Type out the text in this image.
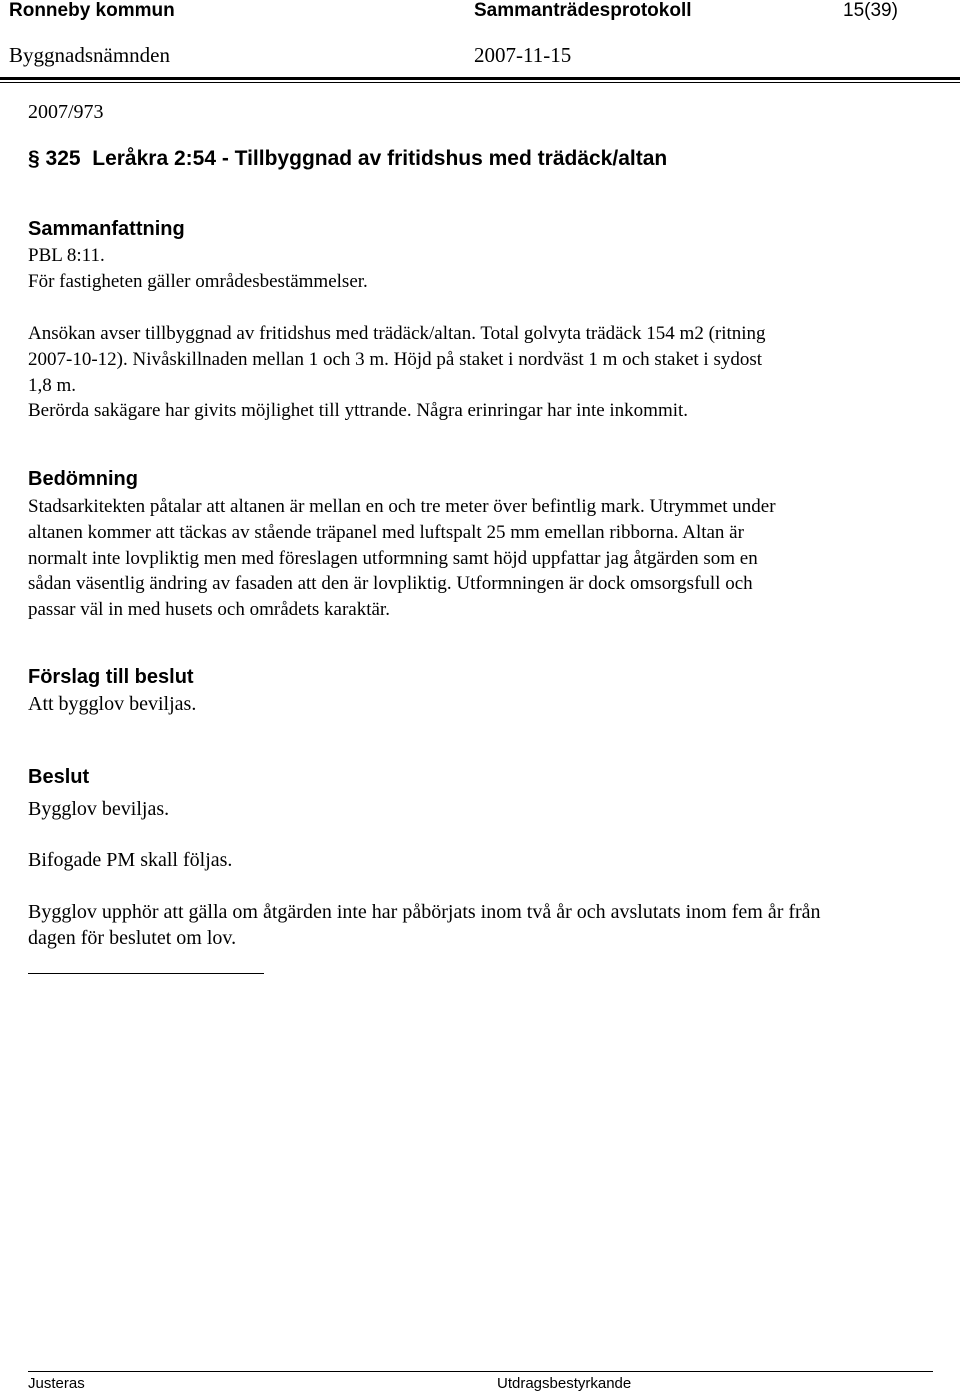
Ronneby kommun	Sammanträdesprotokoll	15(39)
Byggnadsnämnden	2007-11-15
2007/973
§ 325  Leråkra 2:54 - Tillbyggnad av fritidshus med trädäck/altan
Sammanfattning
PBL 8:11.
För fastigheten gäller områdesbestämmelser.
Ansökan avser tillbyggnad av fritidshus med trädäck/altan. Total golvyta trädäck 154 m2 (ritning
2007-10-12). Nivåskillnaden mellan 1 och 3 m. Höjd på staket i nordväst 1 m och staket i sydost
1,8 m.
Berörda sakägare har givits möjlighet till yttrande. Några erinringar har inte inkommit.
Bedömning
Stadsarkitekten påtalar att altanen är mellan en och tre meter över befintlig mark. Utrymmet under
altanen kommer att täckas av stående träpanel med luftspalt 25 mm emellan ribborna. Altan är
normalt inte lovpliktig men med föreslagen utformning samt höjd uppfattar jag åtgärden som en
sådan väsentlig ändring av fasaden att den är lovpliktig. Utformningen är dock omsorgsfull och
passar väl in med husets och områdets karaktär.
Förslag till beslut
Att bygglov beviljas.
Beslut
Bygglov beviljas.
Bifogade PM skall följas.
Bygglov upphör att gälla om åtgärden inte har påbörjats inom två år och avslutats inom fem år från
dagen för beslutet om lov.
Justeras	Utdragsbestyrkande
